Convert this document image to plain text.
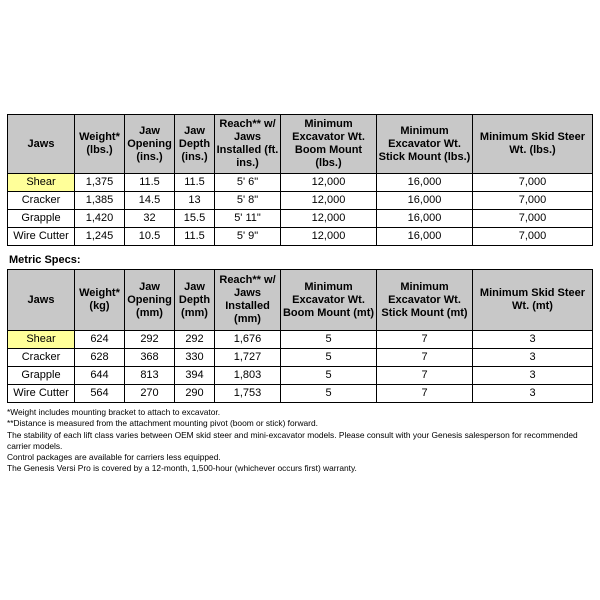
Jaws	Weight* (lbs.)	Jaw Opening (ins.)	Jaw Depth (ins.)	Reach** w/ Jaws Installed (ft. ins.)	Minimum Excavator Wt. Boom Mount (lbs.)	Minimum Excavator Wt. Stick Mount (lbs.)	Minimum Skid Steer Wt. (lbs.)
Shear	1,375	11.5	11.5	5' 6"	12,000	16,000	7,000
Cracker	1,385	14.5	13	5' 8"	12,000	16,000	7,000
Grapple	1,420	32	15.5	5' 11"	12,000	16,000	7,000
Wire Cutter	1,245	10.5	11.5	5' 9"	12,000	16,000	7,000
Metric Specs:
Jaws	Weight* (kg)	Jaw Opening (mm)	Jaw Depth (mm)	Reach** w/ Jaws Installed (mm)	Minimum Excavator Wt. Boom Mount (mt)	Minimum Excavator Wt. Stick Mount (mt)	Minimum Skid Steer Wt. (mt)
Shear	624	292	292	1,676	5	7	3
Cracker	628	368	330	1,727	5	7	3
Grapple	644	813	394	1,803	5	7	3
Wire Cutter	564	270	290	1,753	5	7	3
*Weight includes mounting bracket to attach to excavator.
**Distance is measured from the attachment mounting pivot (boom or stick) forward.
The stability of each lift class varies between OEM skid steer and mini-excavator models. Please consult with your Genesis salesperson for recommended carrier models.
Control packages are available for carriers less equipped.
The Genesis Versi Pro is covered by a 12-month, 1,500-hour (whichever occurs first) warranty.
